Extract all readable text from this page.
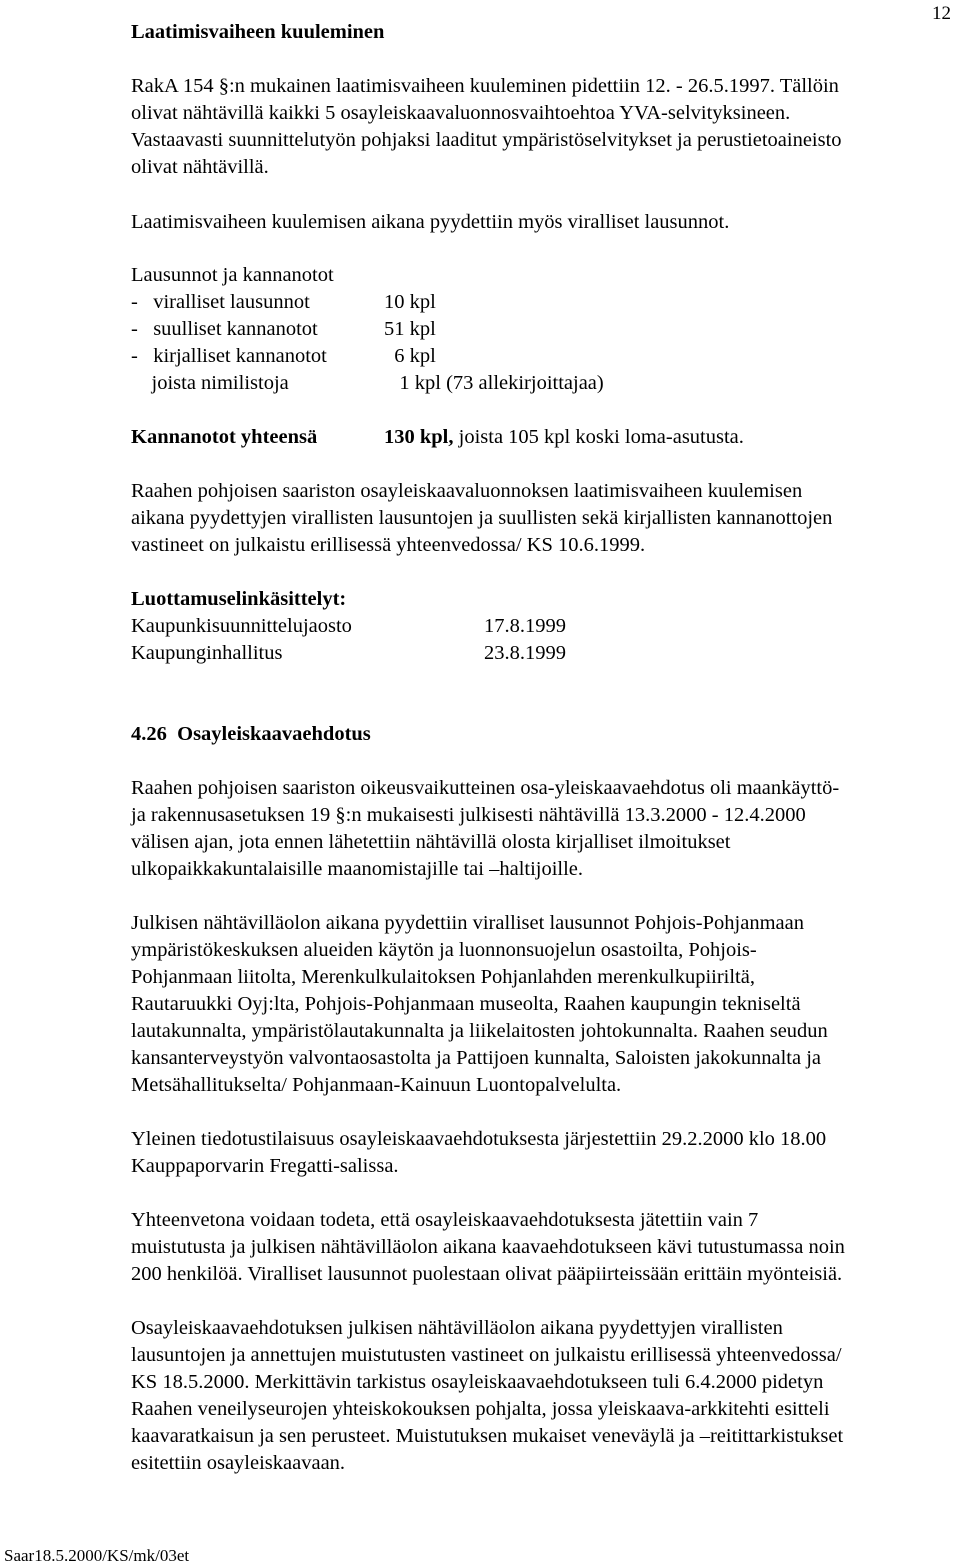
12
Laatimisvaiheen kuuleminen
RakA 154 §:n mukainen laatimisvaiheen kuuleminen pidettiin 12. - 26.5.1997. Tällöin
olivat nähtävillä kaikki 5 osayleiskaavaluonnosvaihtoehtoa YVA-selvityksineen.
Vastaavasti suunnittelutyön pohjaksi laaditut ympäristöselvitykset ja perustietoaineisto
olivat nähtävillä.
Laatimisvaiheen kuulemisen aikana pyydettiin myös viralliset lausunnot.
Lausunnot ja kannanotot
-   viralliset lausunnot	10 kpl
-   suulliset kannanotot	51 kpl
-   kirjalliset kannanotot	6 kpl
joista nimilistoja	1 kpl (73 allekirjoittajaa)
Kannanotot yhteensä	130 kpl, joista 105 kpl koski loma-asutusta.
Raahen pohjoisen saariston osayleiskaavaluonnoksen laatimisvaiheen kuulemisen
aikana pyydettyjen virallisten lausuntojen ja suullisten sekä kirjallisten kannanottojen
vastineet on julkaistu erillisessä yhteenvedossa/ KS 10.6.1999.
Luottamuselinkäsittelyt:
Kaupunkisuunnittelujaosto	17.8.1999
Kaupunginhallitus	23.8.1999
4.26  Osayleiskaavaehdotus
Raahen pohjoisen saariston oikeusvaikutteinen osa-yleiskaavaehdotus oli maankäyttö-
ja rakennusasetuksen 19 §:n mukaisesti julkisesti nähtävillä 13.3.2000 - 12.4.2000
välisen ajan, jota ennen lähetettiin nähtävillä olosta kirjalliset ilmoitukset
ulkopaikkakuntalaisille maanomistajille tai –haltijoille.
Julkisen nähtävilläolon aikana pyydettiin viralliset lausunnot Pohjois-Pohjanmaan
ympäristökeskuksen alueiden käytön ja luonnonsuojelun osastoilta, Pohjois-
Pohjanmaan liitolta, Merenkulkulaitoksen Pohjanlahden merenkulkupiiriltä,
Rautaruukki Oyj:lta, Pohjois-Pohjanmaan museolta, Raahen kaupungin tekniseltä
lautakunnalta, ympäristölautakunnalta ja liikelaitosten johtokunnalta. Raahen seudun
kansanterveystyön valvontaosastolta ja Pattijoen kunnalta, Saloisten jakokunnalta ja
Metsähallitukselta/ Pohjanmaan-Kainuun Luontopalvelulta.
Yleinen tiedotustilaisuus osayleiskaavaehdotuksesta järjestettiin 29.2.2000 klo 18.00
Kauppaporvarin Fregatti-salissa.
Yhteenvetona voidaan todeta, että osayleiskaavaehdotuksesta jätettiin vain 7
muistutusta ja julkisen nähtävilläolon aikana kaavaehdotukseen kävi tutustumassa noin
200 henkilöä. Viralliset lausunnot puolestaan olivat pääpiirteissään erittäin myönteisiä.
Osayleiskaavaehdotuksen julkisen nähtävilläolon aikana pyydettyjen virallisten
lausuntojen ja annettujen muistutusten vastineet on julkaistu erillisessä yhteenvedossa/
KS 18.5.2000. Merkittävin tarkistus osayleiskaavaehdotukseen tuli 6.4.2000 pidetyn
Raahen veneilyseurojen yhteiskokouksen pohjalta, jossa yleiskaava-arkkitehti esitteli
kaavaratkaisun ja sen perusteet. Muistutuksen mukaiset veneväylä ja –reitittarkistukset
esitettiin osayleiskaavaan.
Saar18.5.2000/KS/mk/03et
